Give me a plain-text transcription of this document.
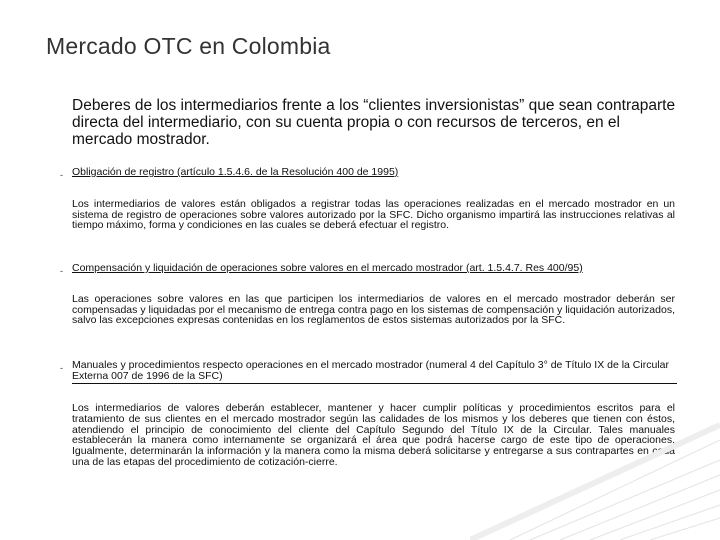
Mercado OTC en Colombia
Deberes de los intermediarios frente a los “clientes inversionistas” que sean contraparte directa del intermediario, con su cuenta propia o con recursos de terceros, en el mercado mostrador.
- Obligación de registro (artículo 1.5.4.6. de la Resolución 400 de 1995)
Los intermediarios de valores están obligados a registrar todas las operaciones realizadas en el mercado mostrador en un sistema de registro de operaciones sobre valores autorizado por la SFC. Dicho organismo impartirá las instrucciones relativas al tiempo máximo, forma y condiciones en las cuales se deberá efectuar el registro.
- Compensación y liquidación de operaciones sobre valores en el mercado mostrador (art. 1.5.4.7. Res 400/95)
Las operaciones sobre valores en las que participen los intermediarios de valores en el mercado mostrador deberán ser compensadas y liquidadas por el mecanismo de entrega contra pago en los sistemas de compensación y liquidación autorizados, salvo las excepciones expresas contenidas en los reglamentos de estos sistemas autorizados por la SFC.
- Manuales y procedimientos respecto operaciones en el mercado mostrador (numeral 4 del Capítulo 3° de Título IX de la Circular Externa 007 de 1996 de la SFC)
Los intermediarios de valores deberán establecer, mantener y hacer cumplir políticas y procedimientos escritos para el tratamiento de sus clientes en el mercado mostrador según las calidades de los mismos y los deberes que tienen con éstos, atendiendo el principio de conocimiento del cliente del Capítulo Segundo del Título IX de la Circular. Tales manuales establecerán la manera como internamente se organizará el área que podrá hacerse cargo de este tipo de operaciones. Igualmente, determinarán la información y la manera como la misma deberá solicitarse y entregarse a sus contrapartes en cada una de las etapas del procedimiento de cotización-cierre.
